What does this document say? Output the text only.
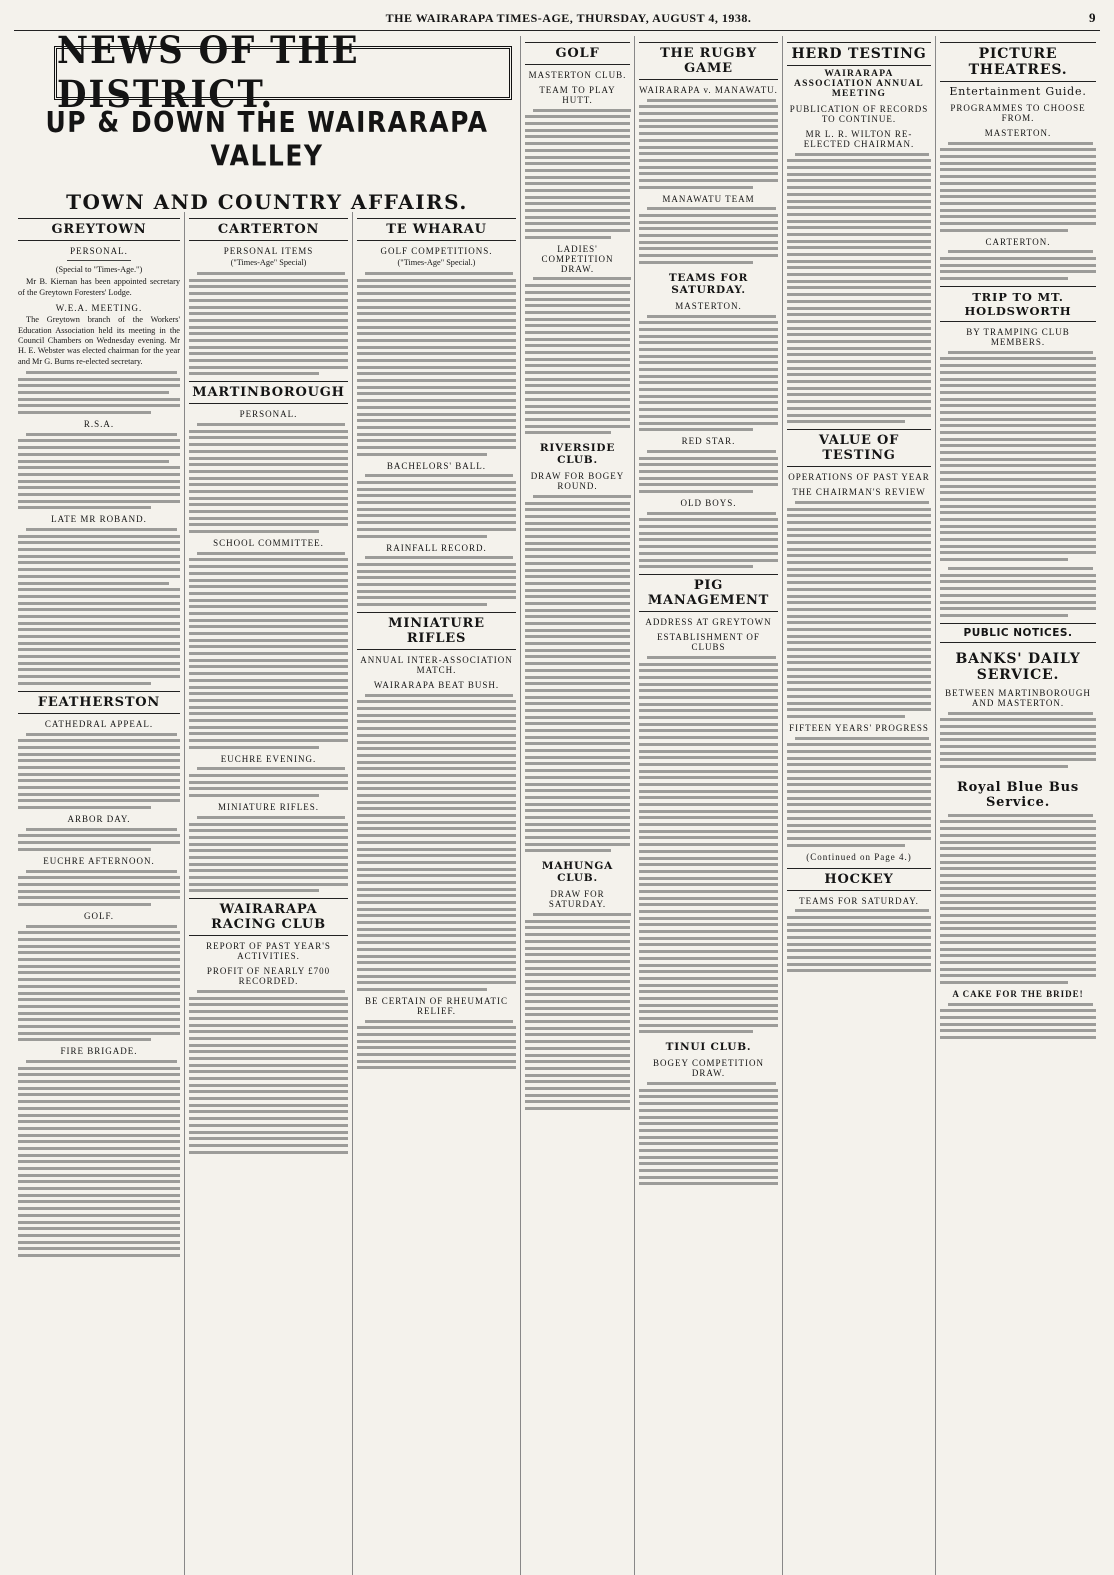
THE WAIRARAPA TIMES-AGE, THURSDAY, AUGUST 4, 1938.	9
NEWS OF THE DISTRICT.
UP & DOWN THE WAIRARAPA VALLEY
TOWN AND COUNTRY AFFAIRS.
GREYTOWN
PERSONAL.

(Special to "Times-Age.")

Mr B. Kiernan has been appointed secretary of the Greytown Foresters' Lodge.

W.E.A. MEETING.

The Greytown branch of the Workers' Education Association held its meeting in the Council Chambers on Wednesday evening. Mr H. E. Webster was elected chairman for the year and Mr G. Burns re-elected secretary.

R.S.A.
LATE MR ROBAND.
FEATHERSTON
CATHEDRAL APPEAL.
ARBOR DAY.
EUCHRE AFTERNOON.
GOLF.
FIRE BRIGADE.
CARTERTON
PERSONAL ITEMS

("Times-Age" Special)

MARTINBOROUGH
PERSONAL.
SCHOOL COMMITTEE.
EUCHRE EVENING.
MINIATURE RIFLES.
WAIRARAPA RACING CLUB
REPORT OF PAST YEAR'S ACTIVITIES.
PROFIT OF NEARLY £700 RECORDED.
TE WHARAU
GOLF COMPETITIONS.

("Times-Age" Special.)

BACHELORS' BALL.
RAINFALL RECORD.
MINIATURE RIFLES
ANNUAL INTER-ASSOCIATION MATCH.
WAIRARAPA BEAT BUSH.
BE CERTAIN OF RHEUMATIC RELIEF.
GOLF
MASTERTON CLUB.
TEAM TO PLAY HUTT.
LADIES' COMPETITION DRAW.
RIVERSIDE CLUB.
DRAW FOR BOGEY ROUND.
MAHUNGA CLUB.
DRAW FOR SATURDAY.
THE RUGBY GAME
WAIRARAPA v. MANAWATU.
MANAWATU TEAM
TEAMS FOR SATURDAY.
MASTERTON.
RED STAR.
OLD BOYS.
PIG MANAGEMENT
ADDRESS AT GREYTOWN
ESTABLISHMENT OF CLUBS
TINUI CLUB.
BOGEY COMPETITION DRAW.
HERD TESTING
WAIRARAPA ASSOCIATION ANNUAL MEETING
PUBLICATION OF RECORDS TO CONTINUE.
MR L. R. WILTON RE-ELECTED CHAIRMAN.
VALUE OF TESTING
OPERATIONS OF PAST YEAR
THE CHAIRMAN'S REVIEW
FIFTEEN YEARS' PROGRESS
(Continued on Page 4.)
HOCKEY
TEAMS FOR SATURDAY.
PICTURE THEATRES.
Entertainment Guide.
PROGRAMMES TO CHOOSE FROM.
MASTERTON.
CARTERTON.
TRIP TO MT. HOLDSWORTH
BY TRAMPING CLUB MEMBERS.
PUBLIC NOTICES.
BANKS' DAILY SERVICE.
BETWEEN MARTINBOROUGH AND MASTERTON.
Royal Blue Bus Service.
A CAKE FOR THE BRIDE!
